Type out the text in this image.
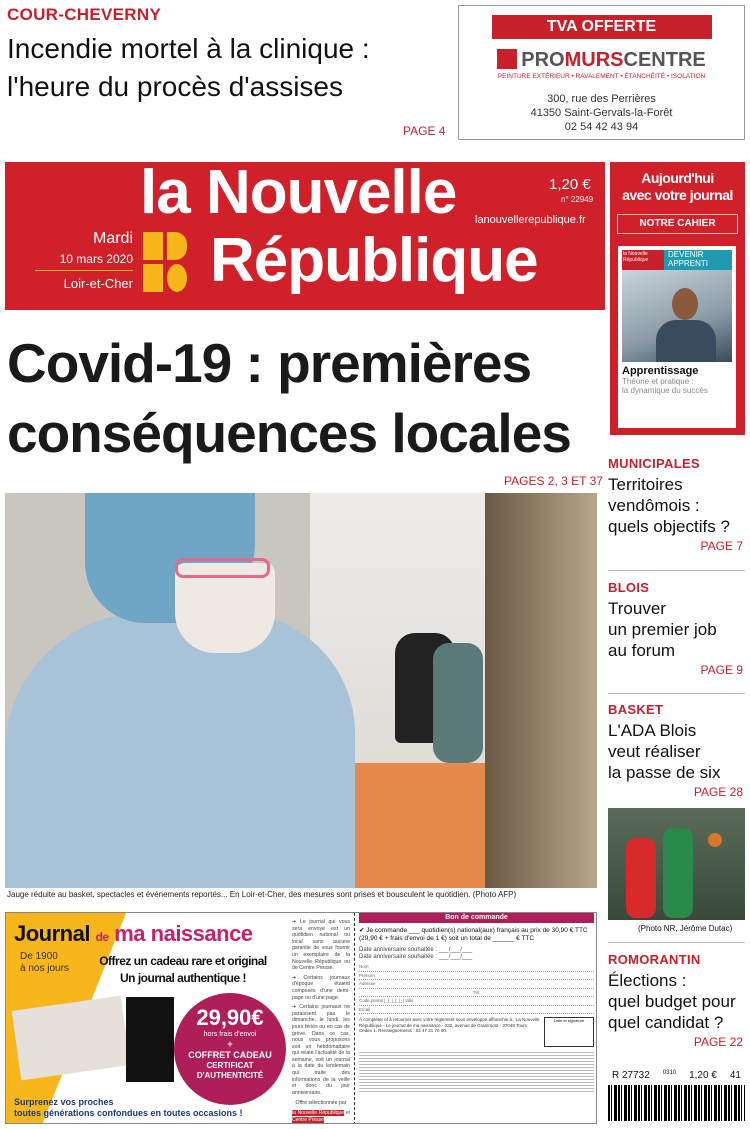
COUR-CHEVERNY
Incendie mortel à la clinique :
l'heure du procès d'assises
PAGE 4
TVA OFFERTE
PROMURSCENTRE
PEINTURE EXTÉRIEUR • RAVALEMENT • ÉTANCHÉITÉ • ISOLATION
300, rue des Perrières
41350 Saint-Gervals-la-Forêt
02 54 42 43 94
Mardi
10 mars 2020
Loir-et-Cher
la Nouvelle
République
1,20 €
n° 22949
lanouvellerepublique.fr
Aujourd'hui
avec votre journal
NOTRE CAHIER
la Nouvelle République
DEVENIR
APPRENTI
Apprentissage
Théorie et pratique :
la dynamique du succès
Covid-19 : premières
conséquences locales
PAGES 2, 3 ET 37
Jauge réduite au basket, spectacles et événements reportés... En Loir-et-Cher, des mesures sont prises et bousculent le quotidien. (Photo AFP)
MUNICIPALES
Territoires
vendômois :
quels objectifs ?
PAGE 7
BLOIS
Trouver
un premier job
au forum
PAGE 9
BASKET
L'ADA Blois
veut réaliser
la passe de six
PAGE 28
(Photo NR, Jérôme Dutac)
ROMORANTIN
Élections :
quel budget pour
quel candidat ?
PAGE 22
R 27732 0310 1,20 € 41
Journal de ma naissance
De 1900
à nos jours
Offrez un cadeau rare et original
Un journal authentique !
29,90€
hors frais d'envoi
+
COFFRET CADEAU
CERTIFICAT D'AUTHENTICITÉ
Surprenez vos proches
toutes générations confondues en toutes occasions !

➜ Le journal qui vous sera envoyé est un quotidien national ou local sans aucune garantie de vous fournir un exemplaire de la Nouvelle République ou de Centre Presse.

➜ Certains journaux d'époque étaient composés d'une demi-page ou d'une page.

➜ Certains journaux ne paraissent pas le dimanche, le lundi, les jours fériés ou en cas de grève. Dans ce cas, nous vous proposons soit un hebdomadaire qui relate l'actualité de la semaine, soit un journal à la date du lendemain qui traite des informations de la veille et donc du jour anniversaire.

Offre sélectionnée par

la Nouvelle République et Centre Presse

Bon de commande
✔ Je commande ___ quotidien(s) national(aux) français au prix de 30,90 € TTC (29,90 € + frais d'envoi de 1 €) soit un total de ______ € TTC
Date anniversaire souhaitée : ___/___/___
Date anniversaire souhaitée : ___/___/___
Nom
Prénom
Adresse
Tél.
Code postal |_|_|_|_|_| Ville
Email
À compléter et à retourner avec votre règlement sous enveloppe affranchie à : La Nouvelle République - Le journal de ma naissance - 232, avenue de Grammont - 37048 Tours Cedex 1. Renseignements : 02 47 31 70 00.
Date et signature
